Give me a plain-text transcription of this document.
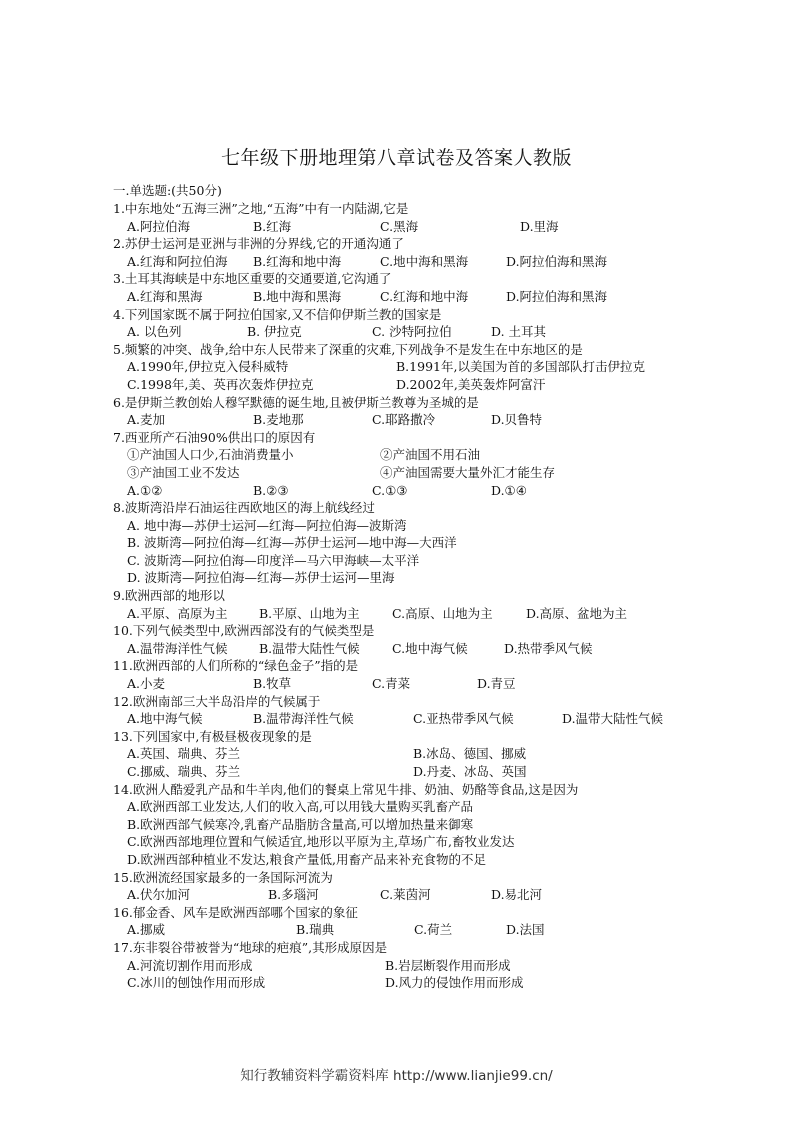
七年级下册地理第八章试卷及答案人教版
一.单选题:(共50分)
1.中东地处“五海三洲”之地,“五海”中有一内陆湖,它是
A.阿拉伯海	B.红海	C.黑海	D.里海
2.苏伊士运河是亚洲与非洲的分界线,它的开通沟通了
A.红海和阿拉伯海 B.红海和地中海	C.地中海和黑海	D.阿拉伯海和黑海
3.土耳其海峡是中东地区重要的交通要道,它沟通了
A.红海和黑海	B.地中海和黑海	C.红海和地中海	D.阿拉伯海和黑海
4.下列国家既不属于阿拉伯国家,又不信仰伊斯兰教的国家是
A. 以色列	B. 伊拉克	C. 沙特阿拉伯	D. 土耳其
5.频繁的冲突、战争,给中东人民带来了深重的灾难,下列战争不是发生在中东地区的是
A.1990年,伊拉克入侵科威特	B.1991年,以美国为首的多国部队打击伊拉克
C.1998年,美、英再次轰炸伊拉克	D.2002年,美英轰炸阿富汗
6.是伊斯兰教创始人穆罕默德的诞生地,且被伊斯兰教尊为圣城的是
A.麦加	B.麦地那	C.耶路撒冷	D.贝鲁特
7.西亚所产石油90%供出口的原因有
①产油国人口少,石油消费量小	②产油国不用石油
③产油国工业不发达	④产油国需要大量外汇才能生存
A.①②	B.②③	C.①③	D.①④
8.波斯湾沿岸石油运往西欧地区的海上航线经过
A. 地中海—苏伊士运河—红海—阿拉伯海—波斯湾
B. 波斯湾—阿拉伯海—红海—苏伊士运河—地中海—大西洋
C. 波斯湾—阿拉伯海—印度洋—马六甲海峡—太平洋
D. 波斯湾—阿拉伯海—红海—苏伊士运河—里海
9.欧洲西部的地形以
A.平原、高原为主	B.平原、山地为主	C.高原、山地为主	D.高原、盆地为主
10.下列气候类型中,欧洲西部没有的气候类型是
A.温带海洋性气候	B.温带大陆性气候	C.地中海气候	D.热带季风气候
11.欧洲西部的人们所称的“绿色金子”指的是
A.小麦	B.牧草	C.青菜	D.青豆
12.欧洲南部三大半岛沿岸的气候属于
A.地中海气候	B.温带海洋性气候	C.亚热带季风气候	D.温带大陆性气候
13.下列国家中,有极昼极夜现象的是
A.英国、瑞典、芬兰	B.冰岛、德国、挪威
C.挪威、瑞典、芬兰	D.丹麦、冰岛、英国
14.欧洲人酷爱乳产品和牛羊肉,他们的餐桌上常见牛排、奶油、奶酪等食品,这是因为
A.欧洲西部工业发达,人们的收入高,可以用钱大量购买乳畜产品
B.欧洲西部气候寒冷,乳畜产品脂肪含量高,可以增加热量来御寒
C.欧洲西部地理位置和气候适宜,地形以平原为主,草场广布,畜牧业发达
D.欧洲西部种植业不发达,粮食产量低,用畜产品来补充食物的不足
15.欧洲流经国家最多的一条国际河流为
A.伏尔加河	B.多瑙河	C.莱茵河	D.易北河
16.郁金香、风车是欧洲西部哪个国家的象征
A.挪威	B.瑞典	C.荷兰	D.法国
17.东非裂谷带被誉为“地球的疤痕”,其形成原因是
A.河流切割作用而形成	B.岩层断裂作用而形成
C.冰川的刨蚀作用而形成	D.风力的侵蚀作用而形成
知行教辅资料学霸资料库 http://www.lianjie99.cn/
